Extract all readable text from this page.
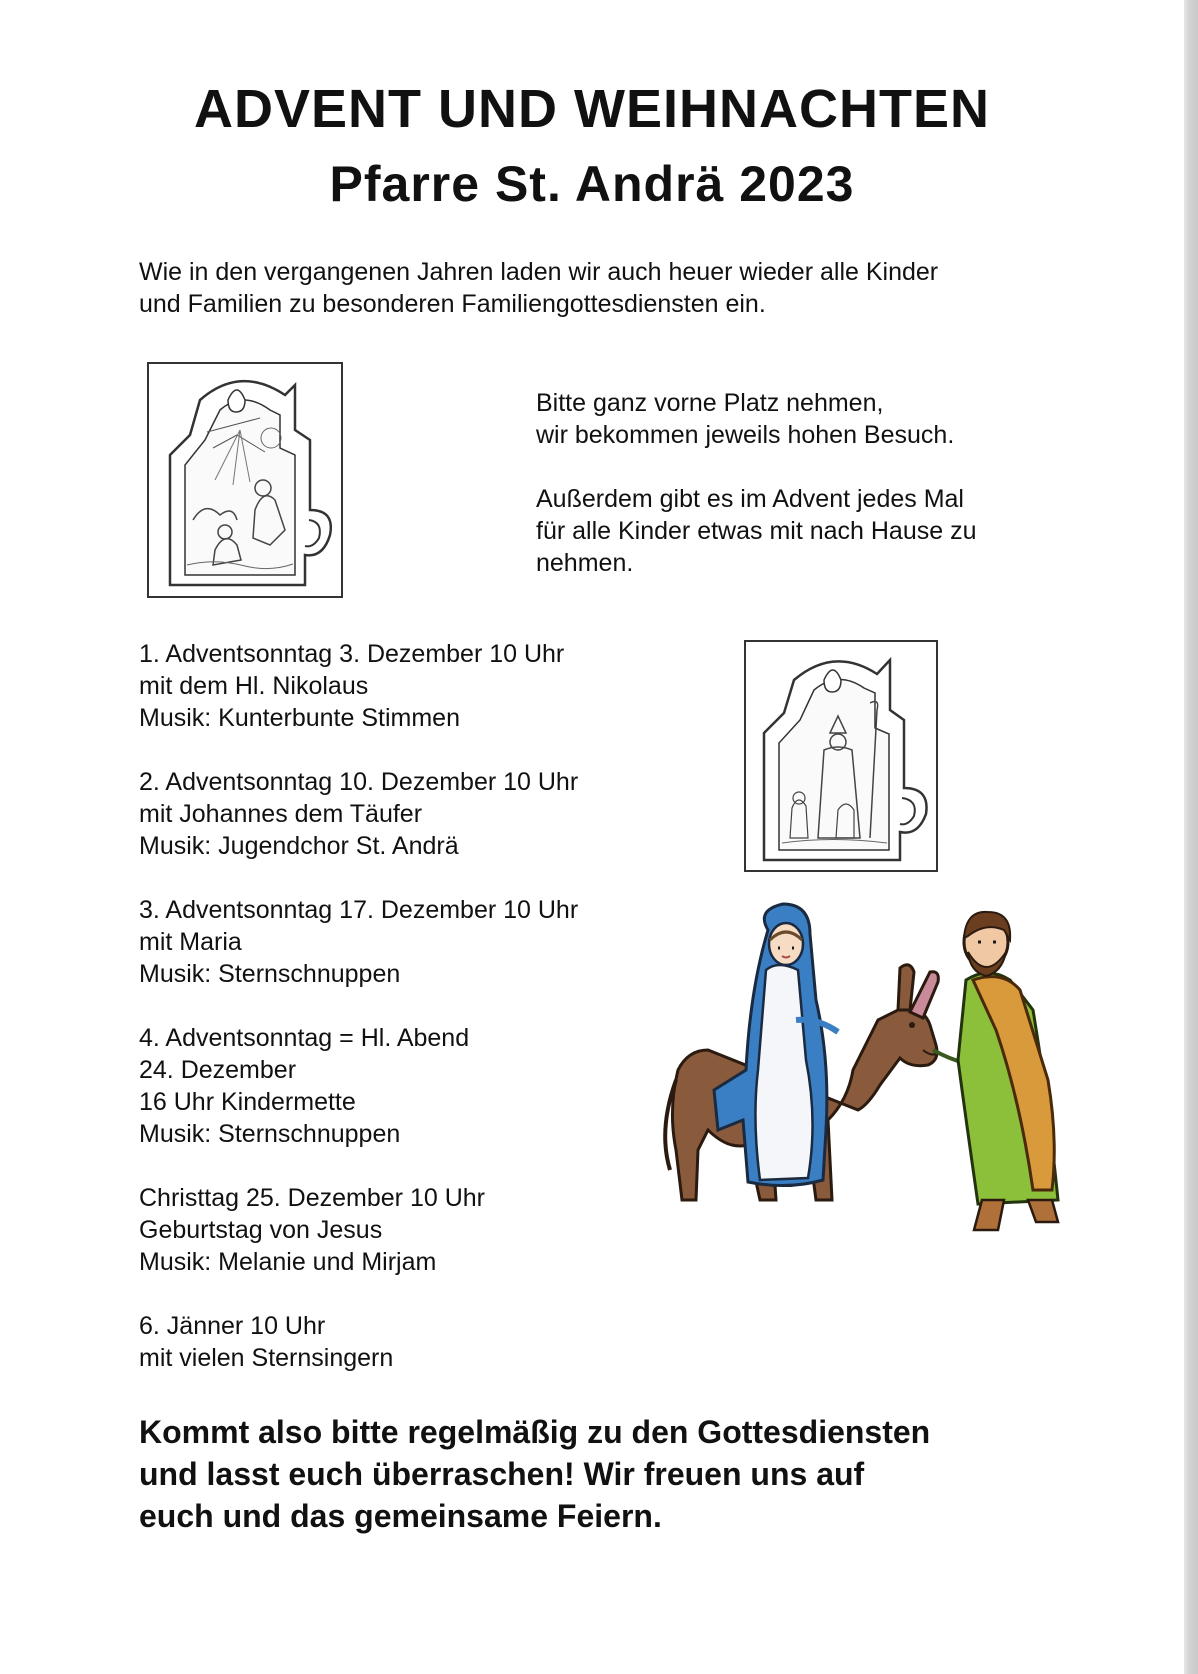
ADVENT UND WEIHNACHTEN
Pfarre St. Andrä 2023

Wie in den vergangenen Jahren laden wir auch heuer wieder alle Kinder
und Familien zu besonderen Familiengottesdiensten ein.

Bitte ganz vorne Platz nehmen,
wir bekommen jeweils hohen Besuch.
Außerdem gibt es im Advent jedes Mal
für alle Kinder etwas mit nach Hause zu
nehmen.
1. Adventsonntag 3. Dezember 10 Uhr
mit dem Hl. Nikolaus
Musik: Kunterbunte Stimmen
2. Adventsonntag 10. Dezember 10 Uhr
mit Johannes dem Täufer
Musik: Jugendchor St. Andrä
3. Adventsonntag 17. Dezember 10 Uhr
mit Maria
Musik: Sternschnuppen
4. Adventsonntag = Hl. Abend
24. Dezember
16 Uhr Kindermette
Musik: Sternschnuppen
Christtag 25. Dezember 10 Uhr
Geburtstag von Jesus
Musik: Melanie und Mirjam
6. Jänner 10 Uhr
mit vielen Sternsingern

Kommt also bitte regelmäßig zu den Gottesdiensten
und lasst euch überraschen! Wir freuen uns auf
euch und das gemeinsame Feiern.
